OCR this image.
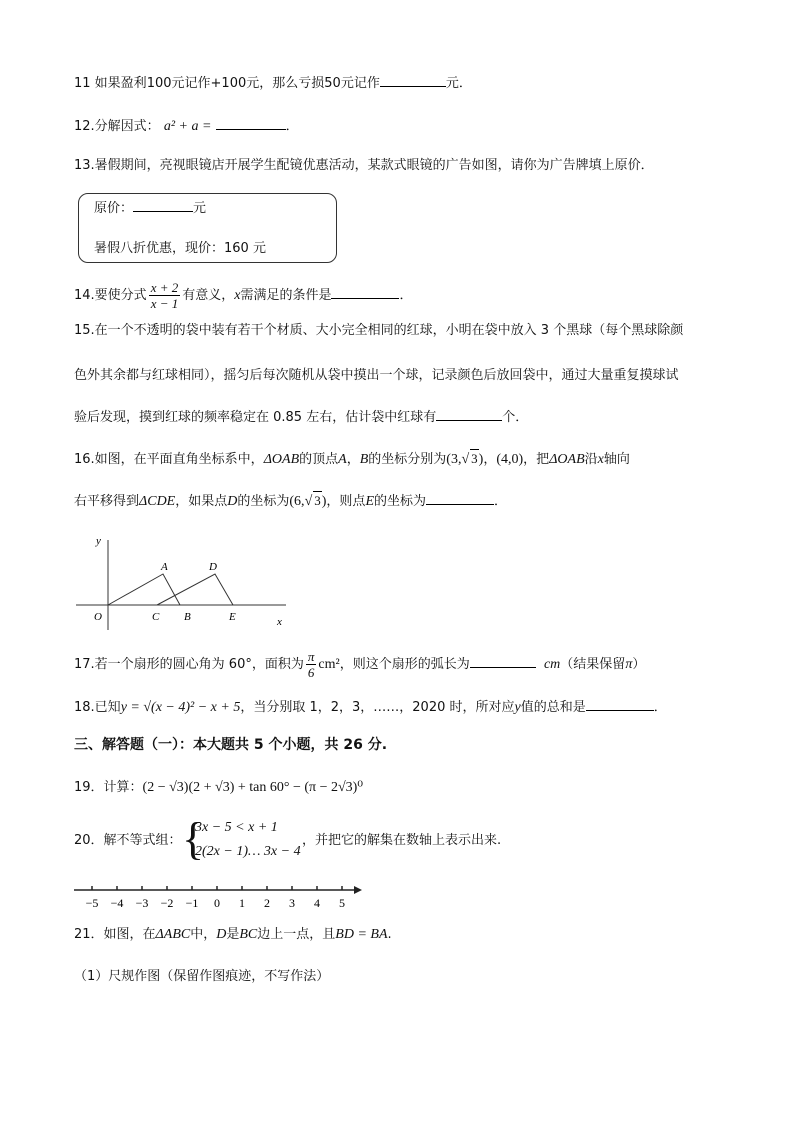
11 如果盈利100元记作+100元，那么亏损50元记作	元．
12.分解因式： a² + a =	．
13.暑假期间，亮视眼镜店开展学生配镜优惠活动，某款式眼镜的广告如图，请你为广告牌填上原价．
原价：	元
暑假八折优惠，现价：160 元
14.要使分式 $\frac{x + 2}{x - 1}$ 有意义，x需满足的条件是	．
15.在一个不透明的袋中装有若干个材质、大小完全相同的红球，小明在袋中放入 3 个黑球（每个黑球除颜
色外其余都与红球相同），摇匀后每次随机从袋中摸出一个球，记录颜色后放回袋中，通过大量重复摸球试
验后发现，摸到红球的频率稳定在 0.85 左右，估计袋中红球有	个．
16.如图，在平面直角坐标系中，ΔOAB的顶点A，B的坐标分别为(3,√ 3)，(4,0)，把ΔOAB沿x轴向
右平移得到ΔCDE，如果点D的坐标为(6,√ 3)，则点E的坐标为	．
y
x
O
A
B
C
D
E
17.若一个扇形的圆心角为 60°，面积为 $\frac{\pi}{6} cm^2$，则这个扇形的弧长为	cm（结果保留π）
18.已知y = √(x − 4)² − x + 5，当分别取 1，2，3，……，2020 时，所对应y值的总和是	．
三、解答题（一）：本大题共 5 个小题，共 26 分.
19．计算：(2 − √3)(2 + √3) + tan 60° − (π − 2√3)⁰
20．解不等式组： {
3x − 5 < x + 1
2(2x − 1)… 3x − 4
，并把它的解集在数轴上表示出来.
−5 −4 −3 −2 −1 0 1 2 3 4 5
21．如图，在ΔABC中，D是BC边上一点，且BD = BA.
（1）尺规作图（保留作图痕迹，不写作法）
